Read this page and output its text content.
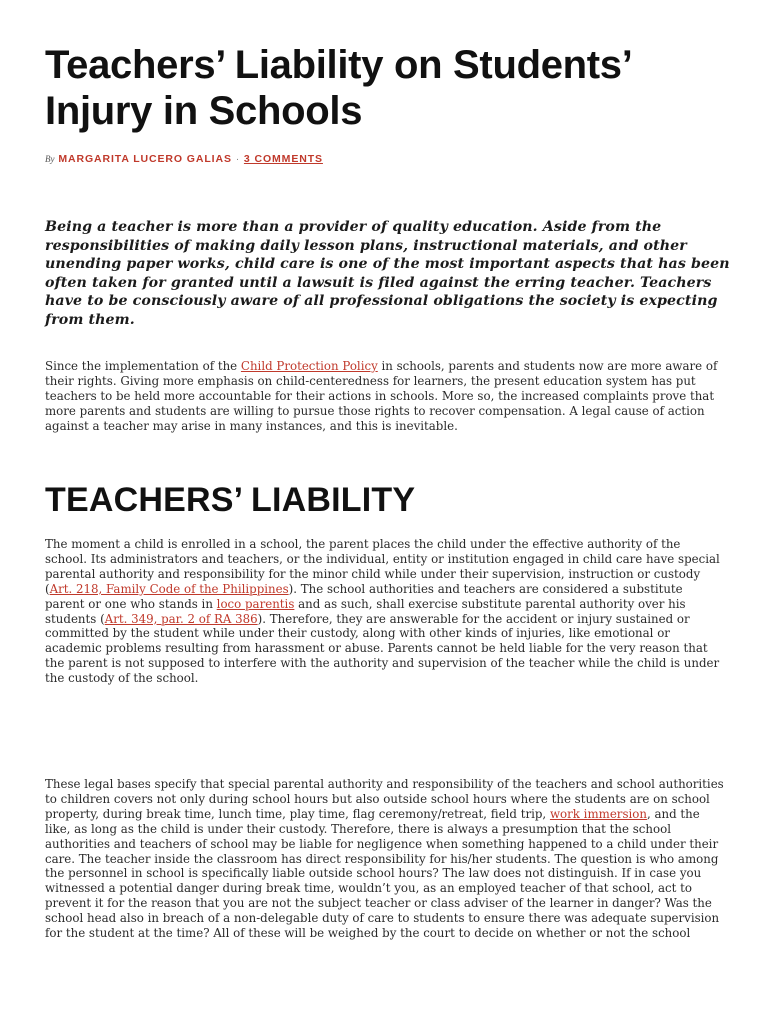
Teachers’ Liability on Students’ Injury in Schools
By MARGARITA LUCERO GALIAS · 3 COMMENTS

Being a teacher is more than a provider of quality education. Aside from the responsibilities of making daily lesson plans, instructional materials, and other unending paper works, child care is one of the most important aspects that has been often taken for granted until a lawsuit is filed against the erring teacher. Teachers have to be consciously aware of all professional obligations the society is expecting from them.

Since the implementation of the Child Protection Policy in schools, parents and students now are more aware of their rights. Giving more emphasis on child-centeredness for learners, the present education system has put teachers to be held more accountable for their actions in schools. More so, the increased complaints prove that more parents and students are willing to pursue those rights to recover compensation. A legal cause of action against a teacher may arise in many instances, and this is inevitable.

TEACHERS’ LIABILITY

The moment a child is enrolled in a school, the parent places the child under the effective authority of the school. Its administrators and teachers, or the individual, entity or institution engaged in child care have special parental authority and responsibility for the minor child while under their supervision, instruction or custody (Art. 218, Family Code of the Philippines). The school authorities and teachers are considered a substitute parent or one who stands in loco parentis and as such, shall exercise substitute parental authority over his students (Art. 349, par. 2 of RA 386). Therefore, they are answerable for the accident or injury sustained or committed by the student while under their custody, along with other kinds of injuries, like emotional or academic problems resulting from harassment or abuse. Parents cannot be held liable for the very reason that the parent is not supposed to interfere with the authority and supervision of the teacher while the child is under the custody of the school.

These legal bases specify that special parental authority and responsibility of the teachers and school authorities to children covers not only during school hours but also outside school hours where the students are on school property, during break time, lunch time, play time, flag ceremony/retreat, field trip, work immersion, and the like, as long as the child is under their custody. Therefore, there is always a presumption that the school authorities and teachers of school may be liable for negligence when something happened to a child under their care. The teacher inside the classroom has direct responsibility for his/her students. The question is who among the personnel in school is specifically liable outside school hours? The law does not distinguish. If in case you witnessed a potential danger during break time, wouldn’t you, as an employed teacher of that school, act to prevent it for the reason that you are not the subject teacher or class adviser of the learner in danger? Was the school head also in breach of a non-delegable duty of care to students to ensure there was adequate supervision for the student at the time? All of these will be weighed by the court to decide on whether or not the school
